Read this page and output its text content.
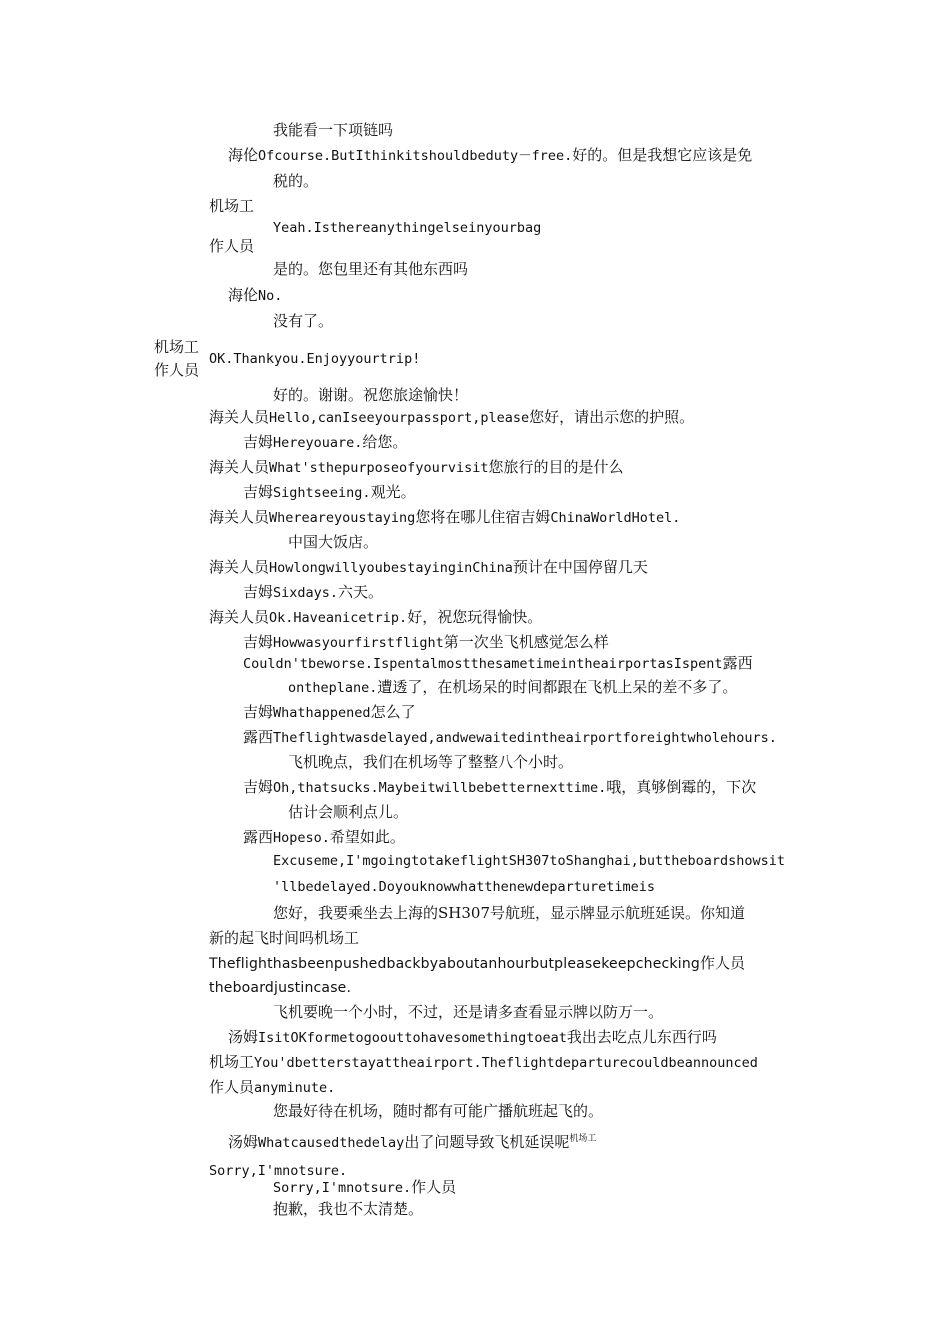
我能看一下项链吗
海伦Ofcourse.ButIthinkitshouldbeduty－free.好的。但是我想它应该是免
税的。
机场工
Yeah.Isthereanythingelseinyourbag
作人员
是的。您包里还有其他东西吗
海伦No.
没有了。
机场工
作人员
OK.Thankyou.Enjoyyourtrip!
好的。谢谢。祝您旅途愉快！
海关人员Hello,canIseeyourpassport,please您好，请出示您的护照。
吉姆Hereyouare.给您。
海关人员What'sthepurposeofyourvisit您旅行的目的是什么
吉姆Sightseeing.观光。
海关人员Whereareyoustaying您将在哪儿住宿吉姆ChinaWorldHotel.
中国大饭店。
海关人员HowlongwillyoubestayinginChina预计在中国停留几天
吉姆Sixdays.六天。
海关人员Ok.Haveanicetrip.好，祝您玩得愉快。
吉姆Howwasyourfirstflight第一次坐飞机感觉怎么样
Couldn'tbeworse.IspentalmostthesametimeintheairportasIspent露西
ontheplane.遭透了，在机场呆的时间都跟在飞机上呆的差不多了。
吉姆Whathappened怎么了
露西Theflightwasdelayed,andwewaitedintheairportforeightwholehours.
飞机晚点，我们在机场等了整整八个小时。
吉姆Oh,thatsucks.Maybeitwillbebetternexttime.哦，真够倒霉的，下次
估计会顺利点儿。
露西Hopeso.希望如此。
Excuseme,I'mgoingtotakeflightSH307toShanghai,buttheboardshowsit
'llbedelayed.Doyouknowwhatthenewdeparturetimeis
您好，我要乘坐去上海的SH307号航班，显示牌显示航班延误。你知道
新的起飞时间吗机场工
Theflighthasbeenpushedbackbyaboutanhourbutpleasekeepchecking作人员
theboardjustincase.
飞机要晚一个小时，不过，还是请多查看显示牌以防万一。
汤姆IsitOKformetogoouttohavesomethingtoeat我出去吃点儿东西行吗
机场工You'dbetterstayattheairport.Theflightdeparturecouldbeannounced
作人员anyminute.
您最好待在机场，随时都有可能广播航班起飞的。
汤姆Whatcausedthedelay出了问题导致飞机延误呢$^{机场工}$
Sorry,I'mnotsure.
Sorry,I'mnotsure.作人员
抱歉，我也不太清楚。
